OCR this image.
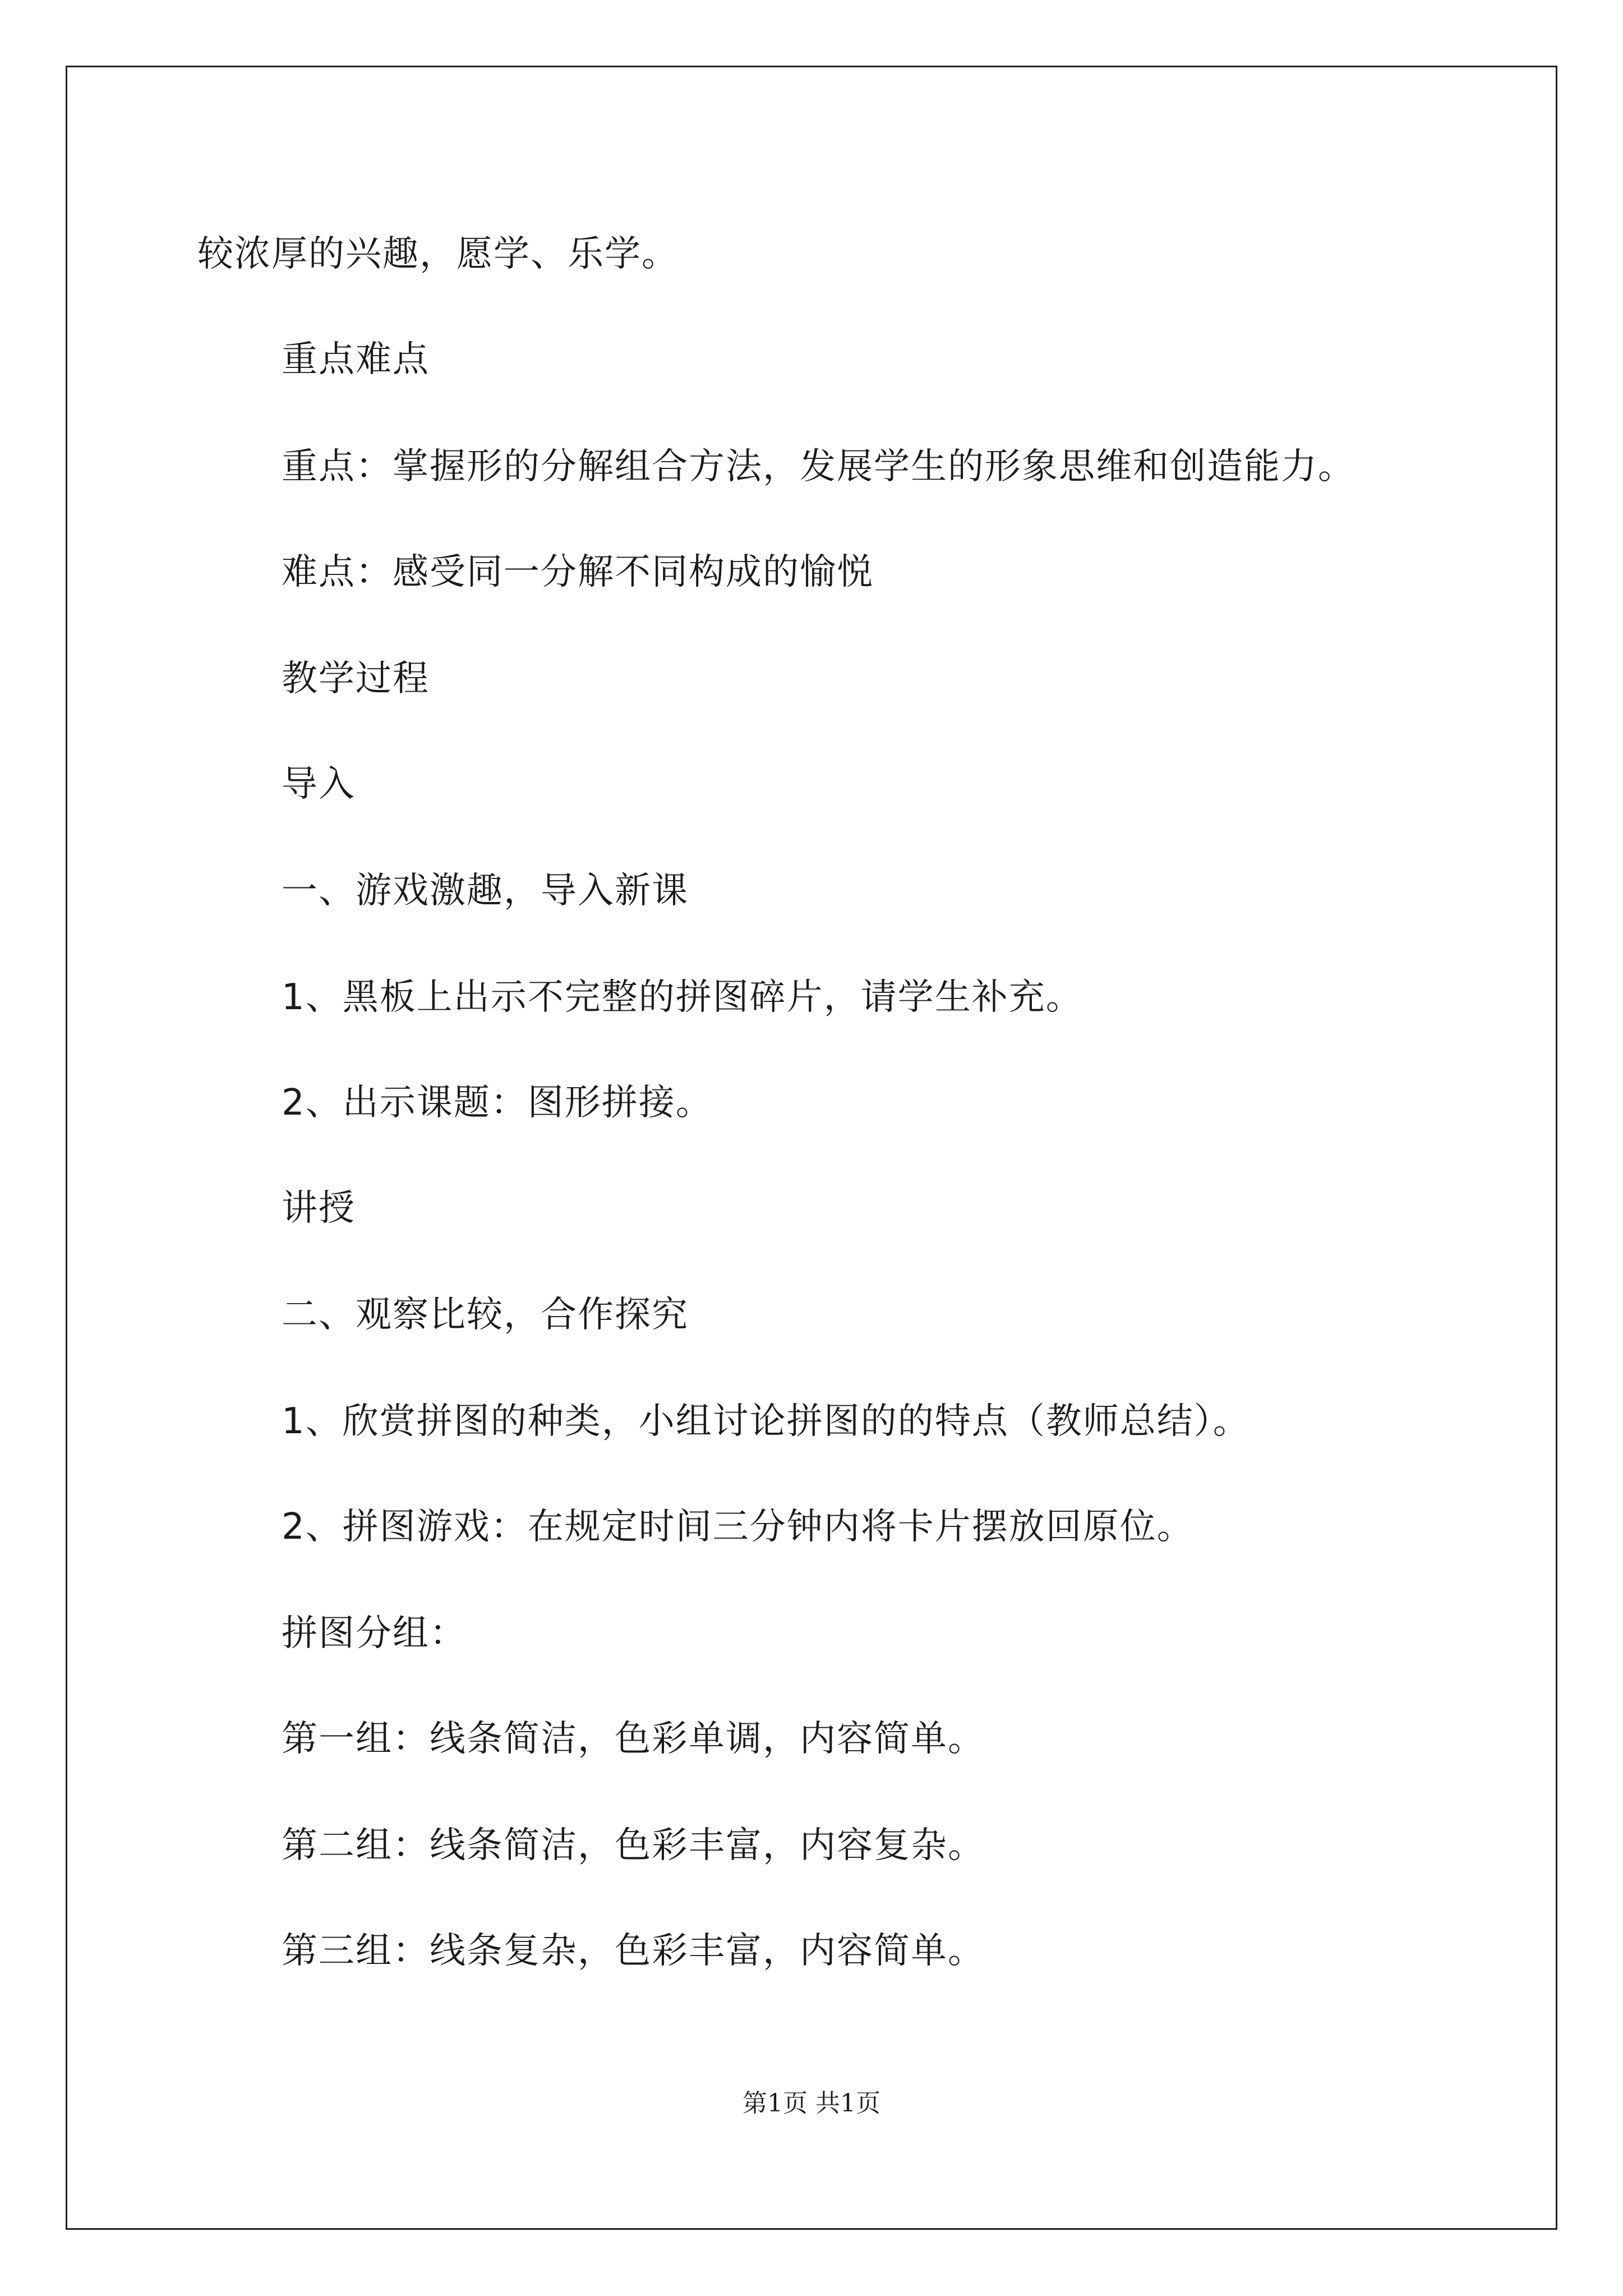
较浓厚的兴趣，愿学、乐学。
重点难点
重点：掌握形的分解组合方法，发展学生的形象思维和创造能力。
难点：感受同一分解不同构成的愉悦
教学过程
导入
一、游戏激趣，导入新课
1、黑板上出示不完整的拼图碎片，请学生补充。
2、出示课题：图形拼接。
讲授
二、观察比较，合作探究
1、欣赏拼图的种类，小组讨论拼图的的特点（教师总结）。
2、拼图游戏：在规定时间三分钟内将卡片摆放回原位。
拼图分组：
第一组：线条简洁，色彩单调，内容简单。
第二组：线条简洁，色彩丰富，内容复杂。
第三组：线条复杂，色彩丰富，内容简单。
第1页 共1页
